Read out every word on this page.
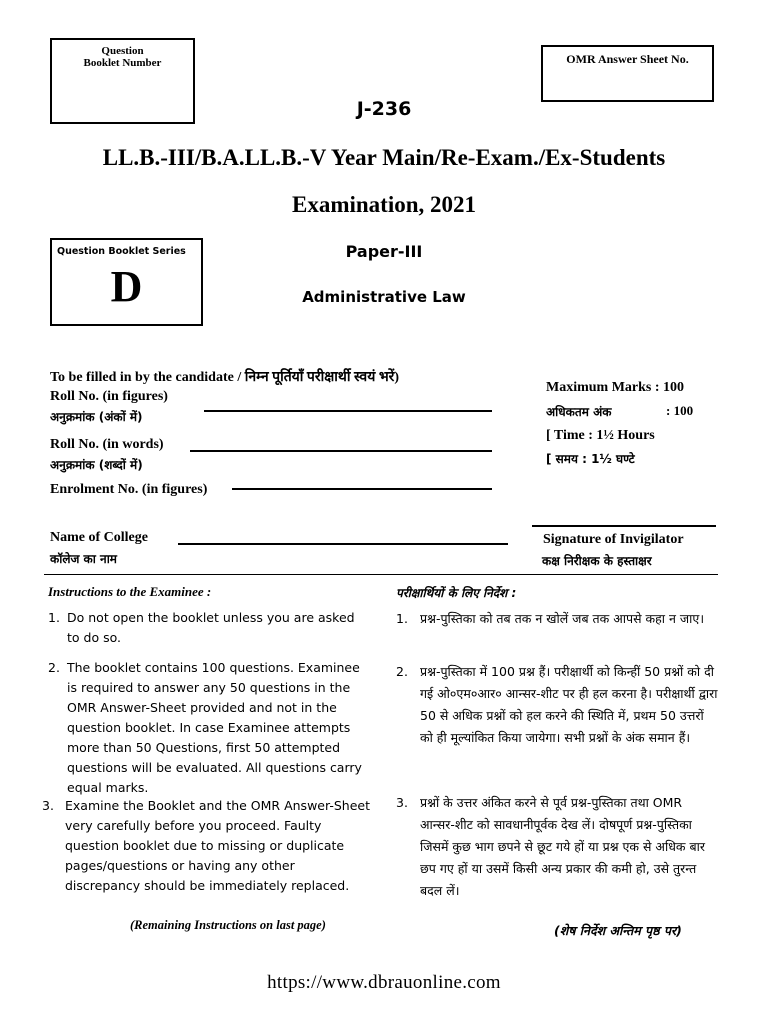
Question Booklet Number	OMR Answer Sheet No.
J-236
LL.B.-III/B.A.LL.B.-V Year Main/Re-Exam./Ex-Students
Examination, 2021
Question Booklet Series
D
Paper-III
Administrative Law
To be filled in by the candidate / निम्न पूर्तियाँ परीक्षार्थी स्वयं भरें)
Roll No. (in figures)
अनुक्रमांक (अंकों में)
Roll No. (in words)
अनुक्रमांक (शब्दों में)
Enrolment No. (in figures)
Name of College
कॉलेज का नाम
Maximum Marks : 100
अधिकतम अंक	: 100
[ Time : 1½ Hours
[ समय : 1½ घण्टे
Signature of Invigilator
कक्ष निरीक्षक के हस्ताक्षर
Instructions to the Examinee :
1. Do not open the booklet unless you are asked to do so.
2. The booklet contains 100 questions. Examinee is required to answer any 50 questions in the OMR Answer-Sheet provided and not in the question booklet. In case Examinee attempts more than 50 Questions, first 50 attempted questions will be evaluated. All questions carry equal marks.
3. Examine the Booklet and the OMR Answer-Sheet very carefully before you proceed. Faulty question booklet due to missing or duplicate pages/questions or having any other discrepancy should be immediately replaced.
(Remaining Instructions on last page)
परीक्षार्थियों के लिए निर्देश :
1. प्रश्न-पुस्तिका को तब तक न खोलें जब तक आपसे कहा न जाए।
2. प्रश्न-पुस्तिका में 100 प्रश्न हैं। परीक्षार्थी को किन्हीं 50 प्रश्नों को दी गई ओ०एम०आर० आन्सर-शीट पर ही हल करना है। परीक्षार्थी द्वारा 50 से अधिक प्रश्नों को हल करने की स्थिति में, प्रथम 50 उत्तरों को ही मूल्यांकित किया जायेगा। सभी प्रश्नों के अंक समान हैं।
3. प्रश्नों के उत्तर अंकित करने से पूर्व प्रश्न-पुस्तिका तथा OMR आन्सर-शीट को सावधानीपूर्वक देख लें। दोषपूर्ण प्रश्न-पुस्तिका जिसमें कुछ भाग छपने से छूट गये हों या प्रश्न एक से अधिक बार छप गए हों या उसमें किसी अन्य प्रकार की कमी हो, उसे तुरन्त बदल लें।
(शेष निर्देश अन्तिम पृष्ठ पर)
https://www.dbrauonline.com
